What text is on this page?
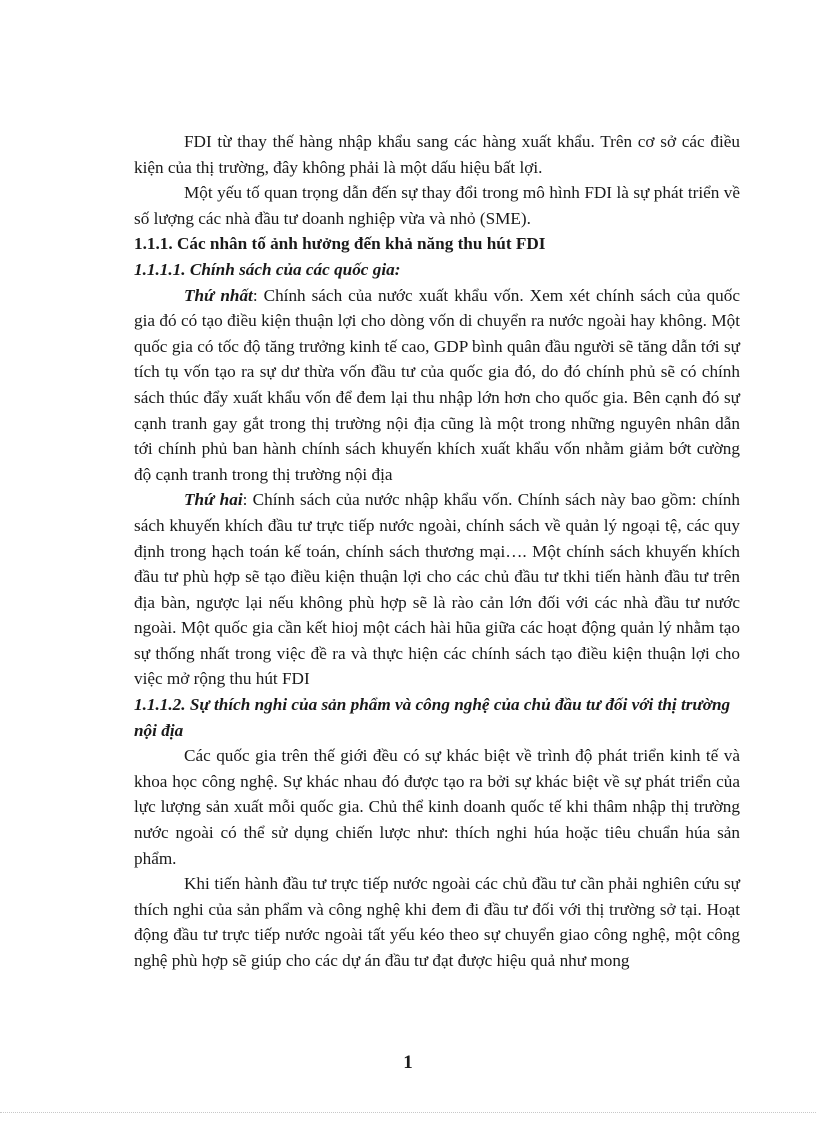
FDI từ thay thế hàng nhập khẩu sang các hàng xuất khẩu. Trên cơ sở các điều kiện của thị trường, đây không phải là một dấu hiệu bất lợi.

Một yếu tố quan trọng dẫn đến sự thay đổi trong mô hình FDI là sự phát triển về số lượng các nhà đầu tư doanh nghiệp vừa và nhỏ (SME).

1.1.1. Các nhân tố ảnh hưởng đến khả năng thu hút FDI

1.1.1.1. Chính sách của các quốc gia:

Thứ nhất: Chính sách của nước xuất khẩu vốn. Xem xét chính sách của quốc gia đó có tạo điều kiện thuận lợi cho dòng vốn di chuyển ra nước ngoài hay không. Một quốc gia có tốc độ tăng trưởng kinh tế cao, GDP bình quân đầu người sẽ tăng dẫn tới sự tích tụ vốn tạo ra sự dư thừa vốn đầu tư của quốc gia đó, do đó chính phủ sẽ có chính sách thúc đẩy xuất khẩu vốn để đem lại thu nhập lớn hơn cho quốc gia. Bên cạnh đó sự cạnh tranh gay gắt trong thị trường nội địa cũng là một trong những nguyên nhân dẫn tới chính phủ ban hành chính sách khuyến khích xuất khẩu vốn nhằm giảm bớt cường độ cạnh tranh trong thị trường nội địa

Thứ hai: Chính sách của nước nhập khẩu vốn. Chính sách này bao gồm: chính sách khuyến khích đầu tư trực tiếp nước ngoài, chính sách về quản lý ngoại tệ, các quy định trong hạch toán kế toán, chính sách thương mại…. Một chính sách khuyến khích đầu tư phù hợp sẽ tạo điều kiện thuận lợi cho các chủ đầu tư tkhi tiến hành đầu tư trên địa bàn, ngược lại nếu không phù hợp sẽ là rào cản lớn đối với các nhà đầu tư nước ngoài. Một quốc gia cần kết hioj một cách hài hũa giữa các hoạt động quản lý nhằm tạo sự thống nhất trong việc đề ra và thực hiện các chính sách tạo điều kiện thuận lợi cho việc mở rộng thu hút FDI

1.1.1.2. Sự thích nghi của sản phẩm và công nghệ của chủ đầu tư đối với thị trường nội địa

Các quốc gia trên thế giới đều có sự khác biệt về trình độ phát triển kinh tế và khoa học công nghệ. Sự khác nhau đó được tạo ra bởi sự khác biệt về sự phát triển của lực lượng sản xuất mỗi quốc gia. Chủ thể kinh doanh quốc tế khi thâm nhập thị trường nước ngoài có thể sử dụng chiến lược như: thích nghi húa hoặc tiêu chuẩn húa sản phẩm.

Khi tiến hành đầu tư trực tiếp nước ngoài các chủ đầu tư cần phải nghiên cứu sự thích nghi của sản phẩm và công nghệ khi đem đi đầu tư đối với thị trường sở tại. Hoạt động đầu tư trực tiếp nước ngoài tất yếu kéo theo sự chuyển giao công nghệ, một công nghệ phù hợp sẽ giúp cho các dự án đầu tư đạt được hiệu quả như mong

1
